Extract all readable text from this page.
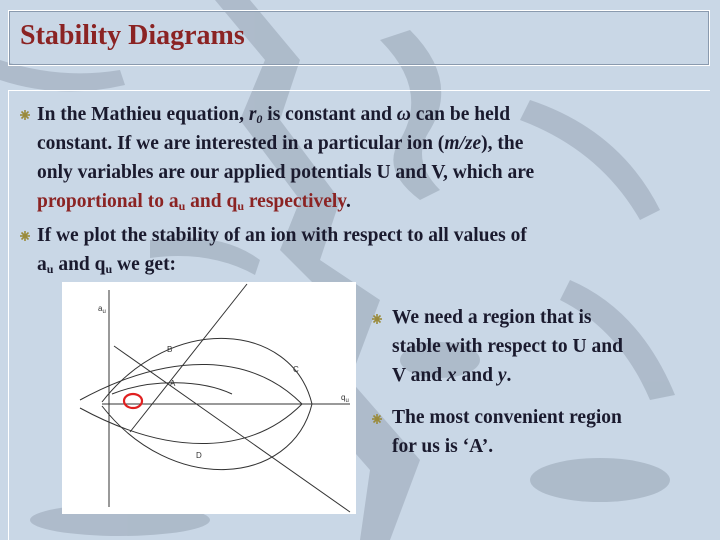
Stability Diagrams
In the Mathieu equation, $r_0$ is constant and ω can be held
constant. If we are interested in a particular ion (m/ze), the
only variables are our applied potentials U and V, which are
proportional to $a_u$ and $q_u$ respectively.
If we plot the stability of an ion with respect to all values of
$a_u$ and $q_u$ we get:
B
A
C
D
$a_u$
$q_u$
We need a region that is
stable with respect to U and
V and x and y.
The most convenient region
for us is ‘A’.
